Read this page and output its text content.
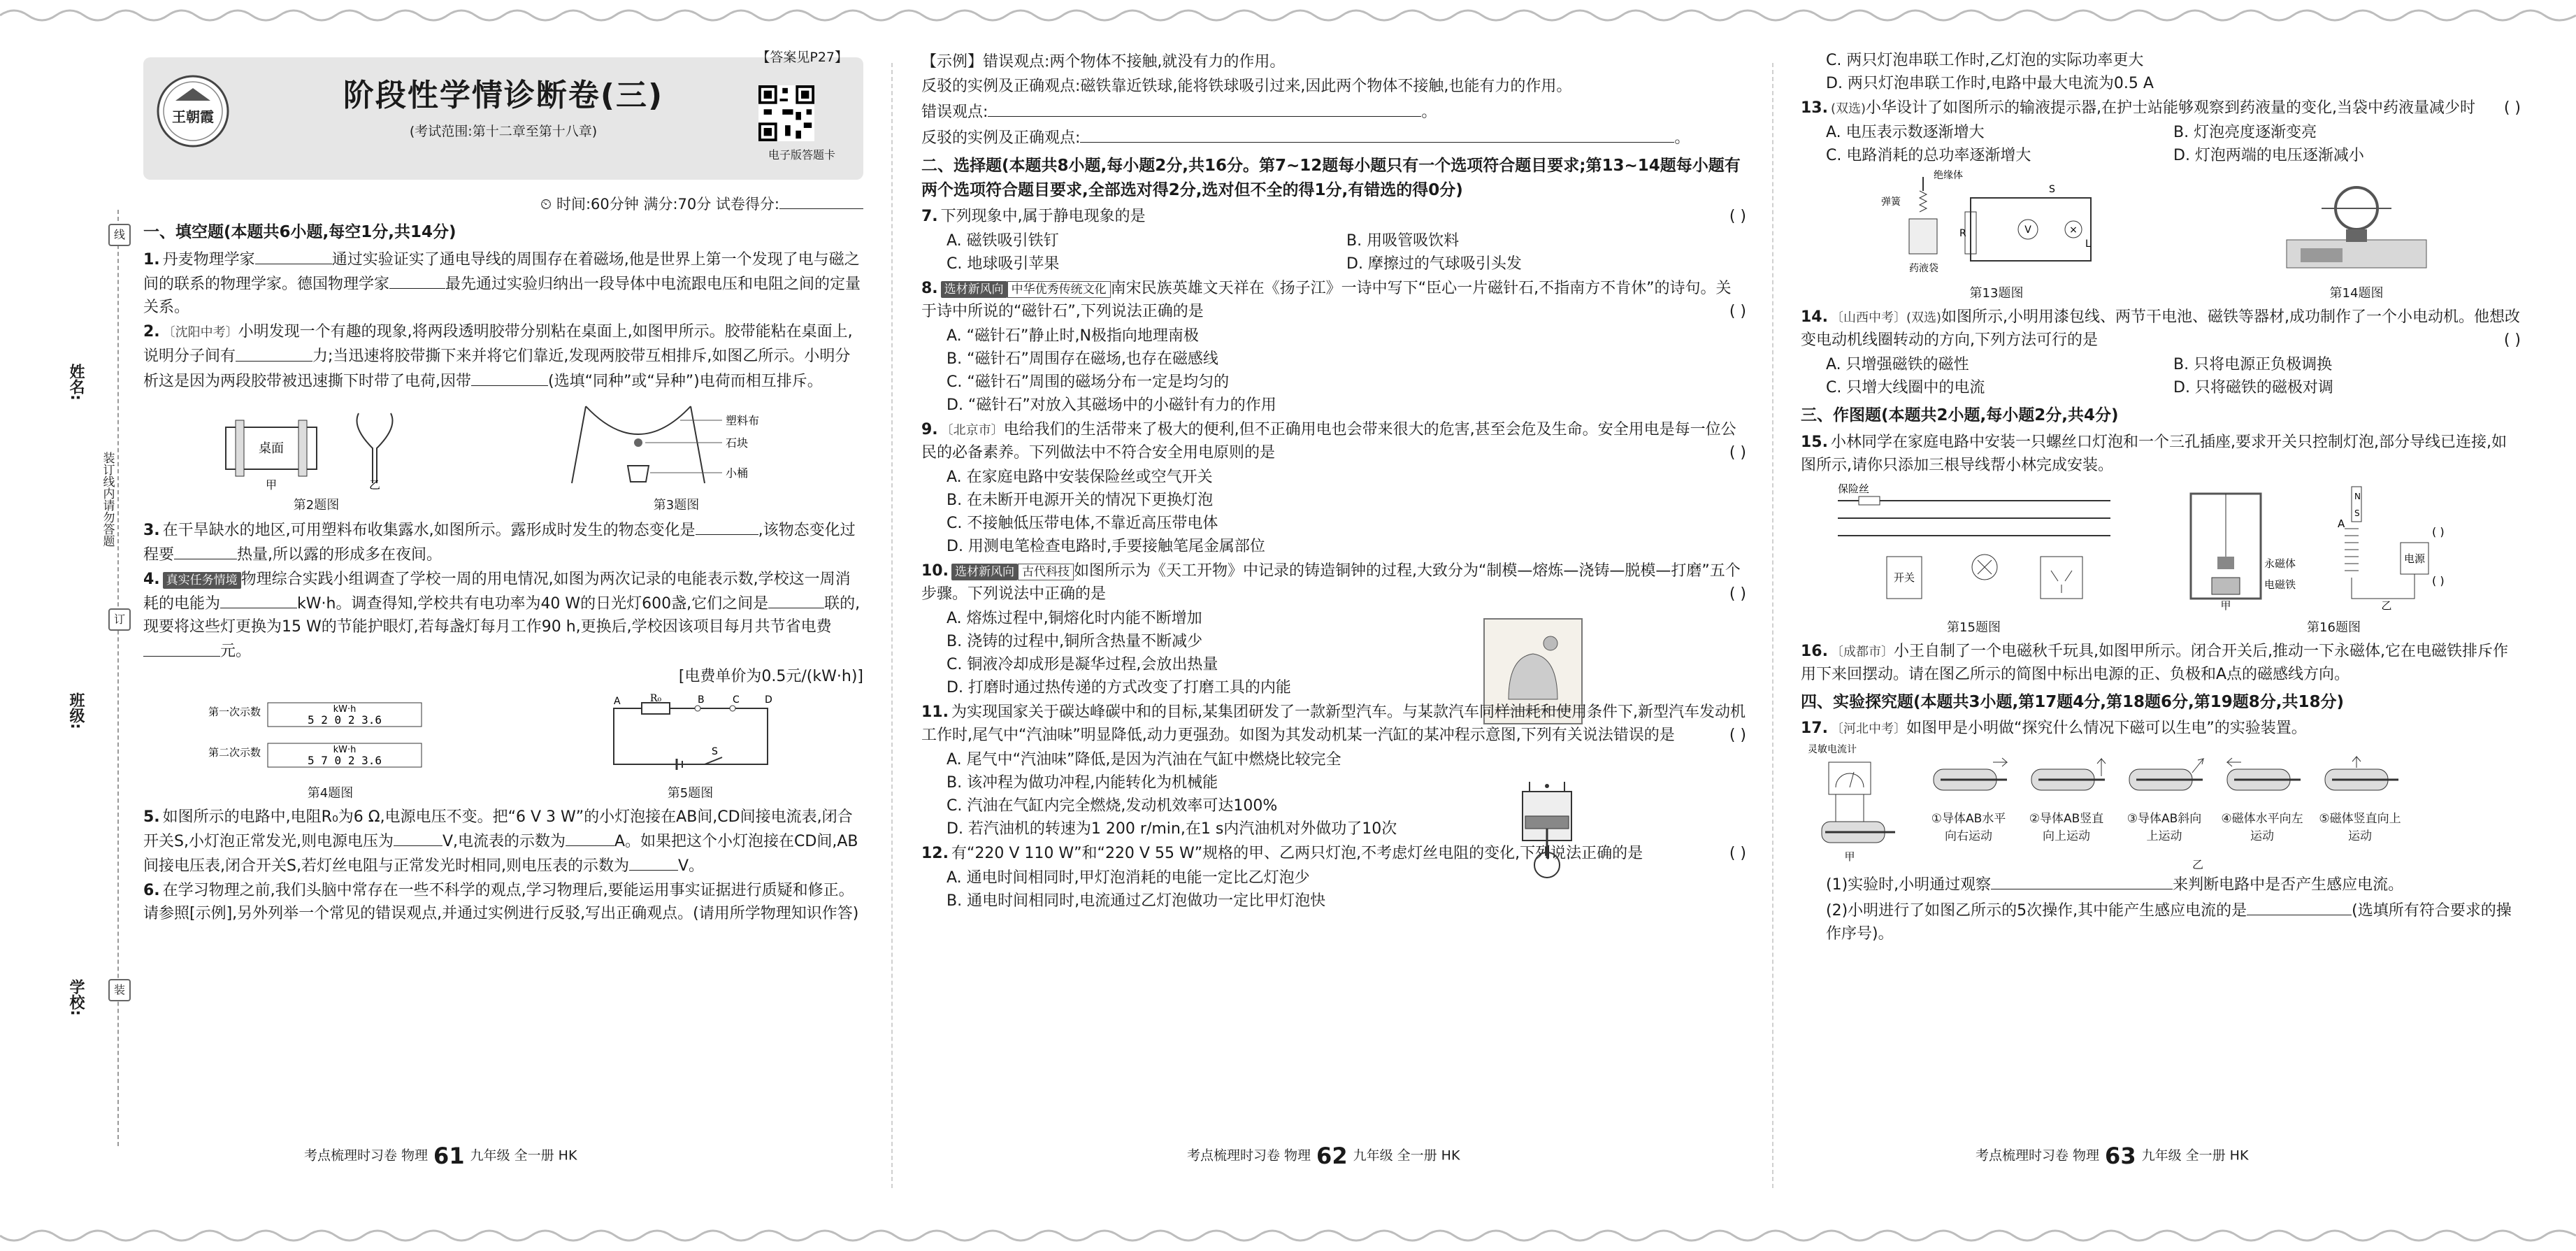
学校:
班级:
姓名:
装订线内请勿答题
线
订
装
王朝霞
【答案见P27】
阶段性学情诊断卷(三)
(考试范围:第十二章至第十八章)
电子版答题卡
⏲ 时间:60分钟 满分:70分 试卷得分:
一、填空题(本题共6小题,每空1分,共14分)
1. 丹麦物理学家	通过实验证实了通电导线的周围存在着磁场,他是世界上第一个发现了电与磁之间的联系的物理学家。德国物理学家	最先通过实验归纳出一段导体中电流跟电压和电阻之间的定量关系。
2. 〔沈阳中考〕小明发现一个有趣的现象,将两段透明胶带分别粘在桌面上,如图甲所示。胶带能粘在桌面上,说明分子间有	力;当迅速将胶带撕下来并将它们靠近,发现两胶带互相排斥,如图乙所示。小明分析这是因为两段胶带被迅速撕下时带了电荷,因带	(选填“同种”或“异种”)电荷而相互排斥。
桌面
甲	乙
第2题图
塑料布
石块
小桶
第3题图
3. 在干旱缺水的地区,可用塑料布收集露水,如图所示。露形成时发生的物态变化是	,该物态变化过程要	热量,所以露的形成多在夜间。
4. 真实任务情境 物理综合实践小组调查了学校一周的用电情况,如图为两次记录的电能表示数,学校这一周消耗的电能为	kW·h。调查得知,学校共有电功率为40 W的日光灯600盏,它们之间是	联的,现要将这些灯更换为15 W的节能护眼灯,若每盏灯每月工作90 h,更换后,学校因该项目每月共节省电费元。
[电费单价为0.5元/(kW·h)]
第一次示数	kW·h
5 2 0 2 3.6
第二次示数	kW·h
5 7 0 2 3.6
第4题图
R₀
A	B	C	D
S
第5题图
5. 如图所示的电路中,电阻R₀为6 Ω,电源电压不变。把“6 V 3 W”的小灯泡接在AB间,CD间接电流表,闭合开关S,小灯泡正常发光,则电源电压为	V,电流表的示数为	A。如果把这个小灯泡接在CD间,AB间接电压表,闭合开关S,若灯丝电阻与正常发光时相同,则电压表的示数为	V。
6. 在学习物理之前,我们头脑中常存在一些不科学的观点,学习物理后,要能运用事实证据进行质疑和修正。请参照[示例],另外列举一个常见的错误观点,并通过实例进行反驳,写出正确观点。(请用所学物理知识作答)
考点梳理时习卷 物理 61 九年级 全一册 HK
【示例】错误观点:两个物体不接触,就没有力的作用。
反驳的实例及正确观点:磁铁靠近铁球,能将铁球吸引过来,因此两个物体不接触,也能有力的作用。
错误观点:	。
反驳的实例及正确观点:	。
二、选择题(本题共8小题,每小题2分,共16分。第7~12题每小题只有一个选项符合题目要求;第13~14题每小题有两个选项符合题目要求,全部选对得2分,选对但不全的得1分,有错选的得0分)
7. 下列现象中,属于静电现象的是	( )
A. 磁铁吸引铁钉	B. 用吸管吸饮料
C. 地球吸引苹果	D. 摩擦过的气球吸引头发
8. 选材新风向 中华优秀传统文化 南宋民族英雄文天祥在《扬子江》一诗中写下“臣心一片磁针石,不指南方不肯休”的诗句。关于诗中所说的“磁针石”,下列说法正确的是	( )
A. “磁针石”静止时,N极指向地理南极
B. “磁针石”周围存在磁场,也存在磁感线
C. “磁针石”周围的磁场分布一定是均匀的
D. “磁针石”对放入其磁场中的小磁针有力的作用
9. 〔北京市〕电给我们的生活带来了极大的便利,但不正确用电也会带来很大的危害,甚至会危及生命。安全用电是每一位公民的必备素养。下列做法中不符合安全用电原则的是	( )
A. 在家庭电路中安装保险丝或空气开关
B. 在未断开电源开关的情况下更换灯泡
C. 不接触低压带电体,不靠近高压带电体
D. 用测电笔检查电路时,手要接触笔尾金属部位
10. 选材新风向 古代科技 如图所示为《天工开物》中记录的铸造铜钟的过程,大致分为“制模—熔炼—浇铸—脱模—打磨”五个步骤。下列说法中正确的是	( )
A. 熔炼过程中,铜熔化时内能不断增加
B. 浇铸的过程中,铜所含热量不断减少
C. 铜液冷却成形是凝华过程,会放出热量
D. 打磨时通过热传递的方式改变了打磨工具的内能
11. 为实现国家关于碳达峰碳中和的目标,某集团研发了一款新型汽车。与某款汽车同样油耗和使用条件下,新型汽车发动机工作时,尾气中“汽油味”明显降低,动力更强劲。如图为其发动机某一汽缸的某冲程示意图,下列有关说法错误的是	( )
A. 尾气中“汽油味”降低,是因为汽油在气缸中燃烧比较完全
B. 该冲程为做功冲程,内能转化为机械能
C. 汽油在气缸内完全燃烧,发动机效率可达100%
D. 若汽油机的转速为1 200 r/min,在1 s内汽油机对外做功了10次
12. 有“220 V 110 W”和“220 V 55 W”规格的甲、乙两只灯泡,不考虑灯丝电阻的变化,下列说法正确的是	( )
A. 通电时间相同时,甲灯泡消耗的电能一定比乙灯泡少
B. 通电时间相同时,电流通过乙灯泡做功一定比甲灯泡快
考点梳理时习卷 物理 62 九年级 全一册 HK
C. 两只灯泡串联工作时,乙灯泡的实际功率更大
D. 两只灯泡串联工作时,电路中最大电流为0.5 A
13. (双选)小华设计了如图所示的输液提示器,在护士站能够观察到药液量的变化,当袋中药液量减少时 ( )
A. 电压表示数逐渐增大	B. 灯泡亮度逐渐变亮
C. 电路消耗的总功率逐渐增大	D. 灯泡两端的电压逐渐减小
R	V	×
L
S
绝缘体
弹簧
药液袋
第13题图	第14题图
14. 〔山西中考〕(双选)如图所示,小明用漆包线、两节干电池、磁铁等器材,成功制作了一个小电动机。他想改变电动机线圈转动的方向,下列方法可行的是	( )
A. 只增强磁铁的磁性	B. 只将电源正负极调换
C. 只增大线圈中的电流	D. 只将磁铁的磁极对调
三、作图题(本题共2小题,每小题2分,共4分)
15. 小林同学在家庭电路中安装一只螺丝口灯泡和一个三孔插座,要求开关只控制灯泡,部分导线已连接,如图所示,请你只添加三根导线帮小林完成安装。
保险丝
开关
第15题图
永磁体
电磁铁
甲
N
S
电源
( )
( )
A
乙
第16题图
16. 〔成都市〕小王自制了一个电磁秋千玩具,如图甲所示。闭合开关后,推动一下永磁体,它在电磁铁排斥作用下来回摆动。请在图乙所示的简图中标出电源的正、负极和A点的磁感线方向。
四、实验探究题(本题共3小题,第17题4分,第18题6分,第19题8分,共18分)
17. 〔河北中考〕如图甲是小明做“探究什么情况下磁可以生电”的实验装置。
灵敏电流计
甲
①导体AB水平向右运动
②导体AB竖直向上运动
③导体AB斜向上运动
④磁体水平向左运动
⑤磁体竖直向上运动
乙
(1)实验时,小明通过观察	来判断电路中是否产生感应电流。
(2)小明进行了如图乙所示的5次操作,其中能产生感应电流的是	(选填所有符合要求的操作序号)。
考点梳理时习卷 物理 63 九年级 全一册 HK
